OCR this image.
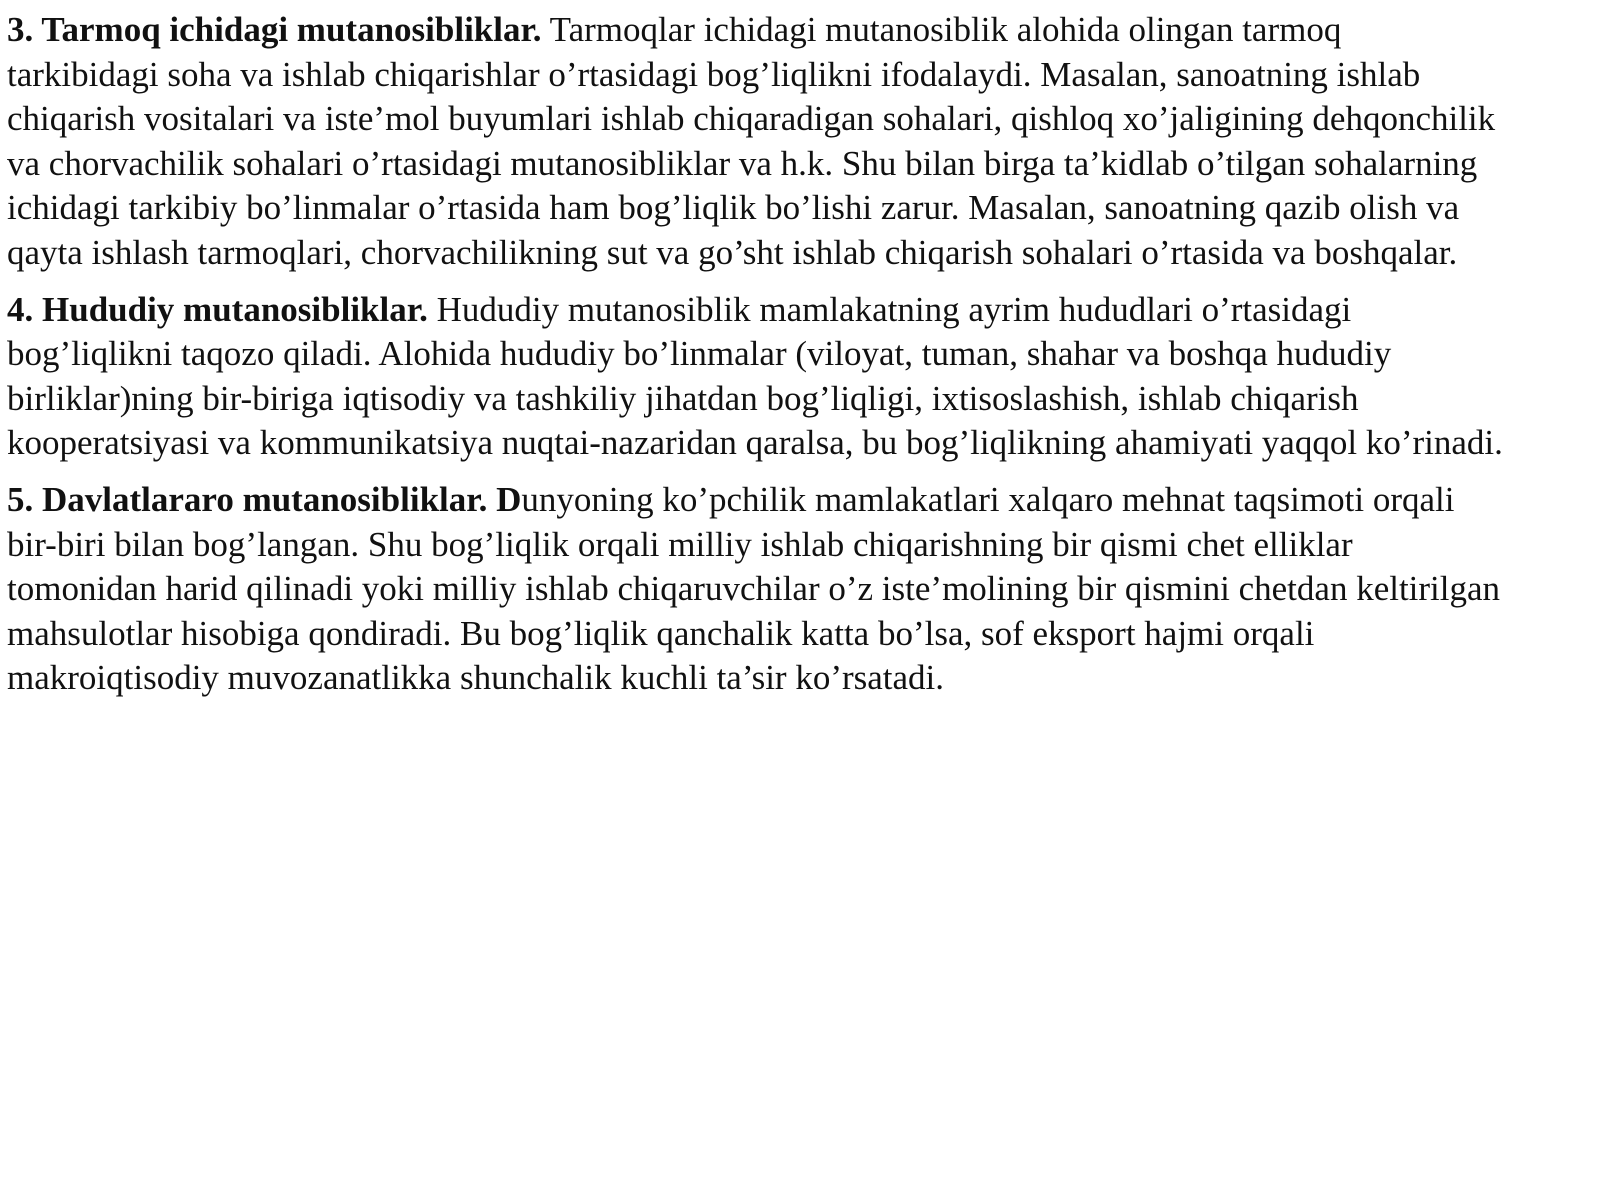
3. Tarmoq ichidagi mutanosibliklar. Tarmoqlar ichidagi mutanosiblik alohida olingan tarmoq
tarkibidagi soha va ishlab chiqarishlar o’rtasidagi bog’liqlikni ifodalaydi. Masalan, sanoatning ishlab
chiqarish vositalari va iste’mol buyumlari ishlab chiqaradigan sohalari, qishloq xo’jaligining dehqonchilik
va chorvachilik sohalari o’rtasidagi mutanosibliklar va h.k. Shu bilan birga ta’kidlab o’tilgan sohalarning
ichidagi tarkibiy bo’linmalar o’rtasida ham bog’liqlik bo’lishi zarur. Masalan, sanoatning qazib olish va
qayta ishlash tarmoqlari, chorvachilikning sut va go’sht ishlab chiqarish sohalari o’rtasida va boshqalar.

4. Hududiy mutanosibliklar. Hududiy mutanosiblik mamlakatning ayrim hududlari o’rtasidagi
bog’liqlikni taqozo qiladi. Alohida hududiy bo’linmalar (viloyat, tuman, shahar va boshqa hududiy
birliklar)ning bir-biriga iqtisodiy va tashkiliy jihatdan bog’liqligi, ixtisoslashish, ishlab chiqarish
kooperatsiyasi va kommunikatsiya nuqtai-nazaridan qaralsa, bu bog’liqlikning ahamiyati yaqqol ko’rinadi.

5. Davlatlararo mutanosibliklar. Dunyoning ko’pchilik mamlakatlari xalqaro mehnat taqsimoti orqali
bir-biri bilan bog’langan. Shu bog’liqlik orqali milliy ishlab chiqarishning bir qismi chet elliklar
tomonidan harid qilinadi yoki milliy ishlab chiqaruvchilar o’z iste’molining bir qismini chetdan keltirilgan
mahsulotlar hisobiga qondiradi. Bu bog’liqlik qanchalik katta bo’lsa, sof eksport hajmi orqali
makroiqtisodiy muvozanatlikka shunchalik kuchli ta’sir ko’rsatadi.
